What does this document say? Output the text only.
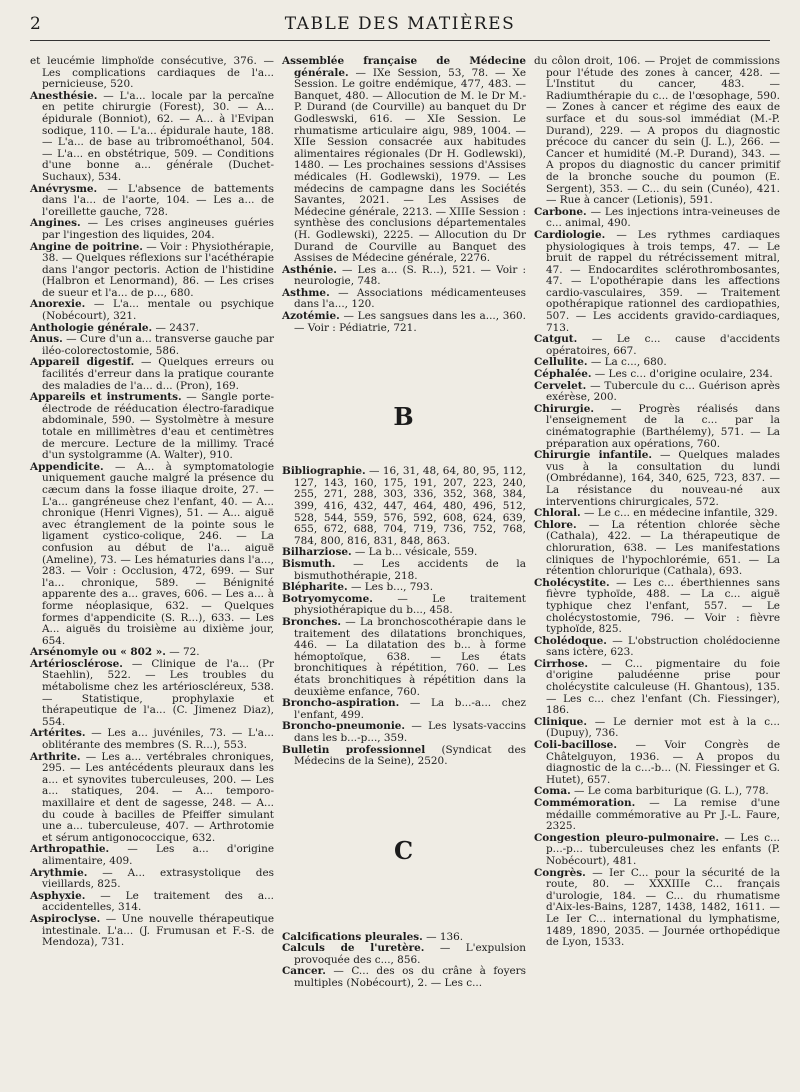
2	TABLE DES MATIÈRES

et leucémie limphoïde consécutive, 376. — Les complications cardiaques de l'a... pernicieuse, 520.

Anesthésie. — L'a... locale par la percaïne en petite chirurgie (Forest), 30. — A... épidurale (Bonniot), 62. — A... à l'Evipan sodique, 110. — L'a... épidurale haute, 188. — L'a... de base au tribromoéthanol, 504. — L'a... en obstétrique, 509. — Conditions d'une bonne a... générale (Duchet-Suchaux), 534.

Anévrysme. — L'absence de battements dans l'a... de l'aorte, 104. — Les a... de l'oreillette gauche, 728.

Angines. — Les crises angineuses guéries par l'ingestion des liquides, 204.

Angine de poitrine. — Voir : Physiothérapie, 38. — Quelques réflexions sur l'acéthérapie dans l'angor pectoris. Action de l'histidine (Halbron et Lenormand), 86. — Les crises de sueur et l'a... de p..., 680.

Anorexie. — L'a... mentale ou psychique (Nobécourt), 321.

Anthologie générale. — 2437.

Anus. — Cure d'un a... transverse gauche par iléo-colorectostomie, 586.

Appareil digestif. — Quelques erreurs ou facilités d'erreur dans la pratique courante des maladies de l'a... d... (Pron), 169.

Appareils et instruments. — Sangle porte-électrode de rééducation électro-faradique abdominale, 590. — Systolmètre à mesure totale en millimètres d'eau et centimètres de mercure. Lecture de la millimy. Tracé d'un systolgramme (A. Walter), 910.

Appendicite. — A... à symptomatologie uniquement gauche malgré la présence du cæcum dans la fosse iliaque droite, 27. — L'a... gangréneuse chez l'enfant, 40. — A... chronique (Henri Vignes), 51. — A... aiguë avec étranglement de la pointe sous le ligament cystico-colique, 246. — La confusion au début de l'a... aiguë (Ameline), 73. — Les hématuries dans l'a..., 283. — Voir : Occlusion, 472, 699. — Sur l'a... chronique, 589. — Bénignité apparente des a... graves, 606. — Les a... à forme néoplasique, 632. — Quelques formes d'appendicite (S. R...), 633. — Les A... aiguës du troisième au dixième jour, 654.

Arsénomyle ou « 802 ». — 72.

Artériosclérose. — Clinique de l'a... (Pr Staehlin), 522. — Les troubles du métabolisme chez les artérioscléreux, 538. — Statistique, prophylaxie et thérapeutique de l'a... (C. Jimenez Diaz), 554.

Artérites. — Les a... juvéniles, 73. — L'a... oblitérante des membres (S. R...), 553.

Arthrite. — Les a... vertébrales chroniques, 295. — Les antécédents pleuraux dans les a... et synovites tuberculeuses, 200. — Les a... statiques, 204. — A... temporo-maxillaire et dent de sagesse, 248. — A... du coude à bacilles de Pfeiffer simulant une a... tuberculeuse, 407. — Arthrotomie et sérum antigonococcique, 632.

Arthropathie. — Les a... d'origine alimentaire, 409.

Arythmie. — A... extrasystolique des vieillards, 825.

Asphyxie. — Le traitement des a... accidentelles, 314.

Aspiroclyse. — Une nouvelle thérapeutique intestinale. L'a... (J. Frumusan et F.-S. de Mendoza), 731.

Assemblée française de Médecine générale. — IXe Session, 53, 78. — Xe Session. Le goitre endémique, 477, 483. — Banquet, 480. — Allocution de M. le Dr M.-P. Durand (de Courville) au banquet du Dr Godleswski, 616. — XIe Session. Le rhumatisme articulaire aigu, 989, 1004. — XIIe Session consacrée aux habitudes alimentaires régionales (Dr H. Godlewski), 1480. — Les prochaines sessions d'Assises médicales (H. Godlewski), 1979. — Les médecins de campagne dans les Sociétés Savantes, 2021. — Les Assises de Médecine générale, 2213. — XIIIe Session : synthèse des conclusions départementales (H. Godlewski), 2225. — Allocution du Dr Durand de Courville au Banquet des Assises de Médecine générale, 2276.

Asthénie. — Les a... (S. R...), 521. — Voir : neurologie, 748.

Asthme. — Associations médicamenteuses dans l'a..., 120.

Azotémie. — Les sangsues dans les a..., 360. — Voir : Pédiatrie, 721.

B

Bibliographie. — 16, 31, 48, 64, 80, 95, 112, 127, 143, 160, 175, 191, 207, 223, 240, 255, 271, 288, 303, 336, 352, 368, 384, 399, 416, 432, 447, 464, 480, 496, 512, 528, 544, 559, 576, 592, 608, 624, 639, 655, 672, 688, 704, 719, 736, 752, 768, 784, 800, 816, 831, 848, 863.

Bilharziose. — La b... vésicale, 559.

Bismuth. — Les accidents de la bismuthothérapie, 218.

Blépharite. — Les b..., 793.

Botryomycome. — Le traitement physiothérapique du b..., 458.

Bronches. — La bronchoscothérapie dans le traitement des dilatations bronchiques, 446. — La dilatation des b... à forme hémoptoïque, 638. — Les états bronchitiques à répétition, 760. — Les états bronchitiques à répétition dans la deuxième enfance, 760.

Broncho-aspiration. — La b...-a... chez l'enfant, 499.

Broncho-pneumonie. — Les lysats-vaccins dans les b...-p..., 359.

Bulletin professionnel (Syndicat des Médecins de la Seine), 2520.

C

Calcifications pleurales. — 136.

Calculs de l'uretère. — L'expulsion provoquée des c..., 856.

Cancer. — C... des os du crâne à foyers multiples (Nobécourt), 2. — Les c...

du côlon droit, 106. — Projet de commissions pour l'étude des zones à cancer, 428. — L'Institut du cancer, 483. — Radiumthérapie du c... de l'œsophage, 590. — Zones à cancer et régime des eaux de surface et du sous-sol immédiat (M.-P. Durand), 229. — A propos du diagnostic précoce du cancer du sein (J. L.), 266. — Cancer et humidité (M.-P. Durand), 343. — A propos du diagnostic du cancer primitif de la bronche souche du poumon (E. Sergent), 353. — C... du sein (Cunéo), 421. — Rue à cancer (Letionis), 591.

Carbone. — Les injections intra-veineuses de c... animal, 490.

Cardiologie. — Les rythmes cardiaques physiologiques à trois temps, 47. — Le bruit de rappel du rétrécissement mitral, 47. — Endocardites sclérothrombosantes, 47. — L'opothérapie dans les affections cardio-vasculaires, 359. — Traitement opothérapique rationnel des cardiopathies, 507. — Les accidents gravido-cardiaques, 713.

Catgut. — Le c... cause d'accidents opératoires, 667.

Cellulite. — La c..., 680.

Céphalée. — Les c... d'origine oculaire, 234.

Cervelet. — Tubercule du c... Guérison après exérèse, 200.

Chirurgie. — Progrès réalisés dans l'enseignement de la c... par la cinématographie (Barthélemy), 571. — La préparation aux opérations, 760.

Chirurgie infantile. — Quelques malades vus à la consultation du lundi (Ombrédanne), 164, 340, 625, 723, 837. — La résistance du nouveau-né aux interventions chirurgicales, 572.

Chloral. — Le c... en médecine infantile, 329.

Chlore. — La rétention chlorée sèche (Cathala), 422. — La thérapeutique de chloruration, 638. — Les manifestations cliniques de l'hypochlorémie, 651. — La rétention chlorurique (Cathala), 693.

Cholécystite. — Les c... éberthiennes sans fièvre typhoïde, 488. — La c... aiguë typhique chez l'enfant, 557. — Le cholécystostomie, 796. — Voir : fièvre typhoïde, 825.

Cholédoque. — L'obstruction cholédocienne sans ictère, 623.

Cirrhose. — C... pigmentaire du foie d'origine paludéenne prise pour cholécystite calculeuse (H. Ghantous), 135. — Les c... chez l'enfant (Ch. Fiessinger), 186.

Clinique. — Le dernier mot est à la c... (Dupuy), 736.

Coli-bacillose. — Voir Congrès de Châtelguyon, 1936. — A propos du diagnostic de la c...-b... (N. Fiessinger et G. Hutet), 657.

Coma. — Le coma barbiturique (G. L.), 778.

Commémoration. — La remise d'une médaille commémorative au Pr J.-L. Faure, 2325.

Congestion pleuro-pulmonaire. — Les c... p...-p... tuberculeuses chez les enfants (P. Nobécourt), 481.

Congrès. — Ier C... pour la sécurité de la route, 80. — XXXIIIe C... français d'urologie, 184. — C... du rhumatisme d'Aix-les-Bains, 1287, 1438, 1482, 1611. — Le Ier C... international du lymphatisme, 1489, 1890, 2035. — Journée orthopédique de Lyon, 1533.
